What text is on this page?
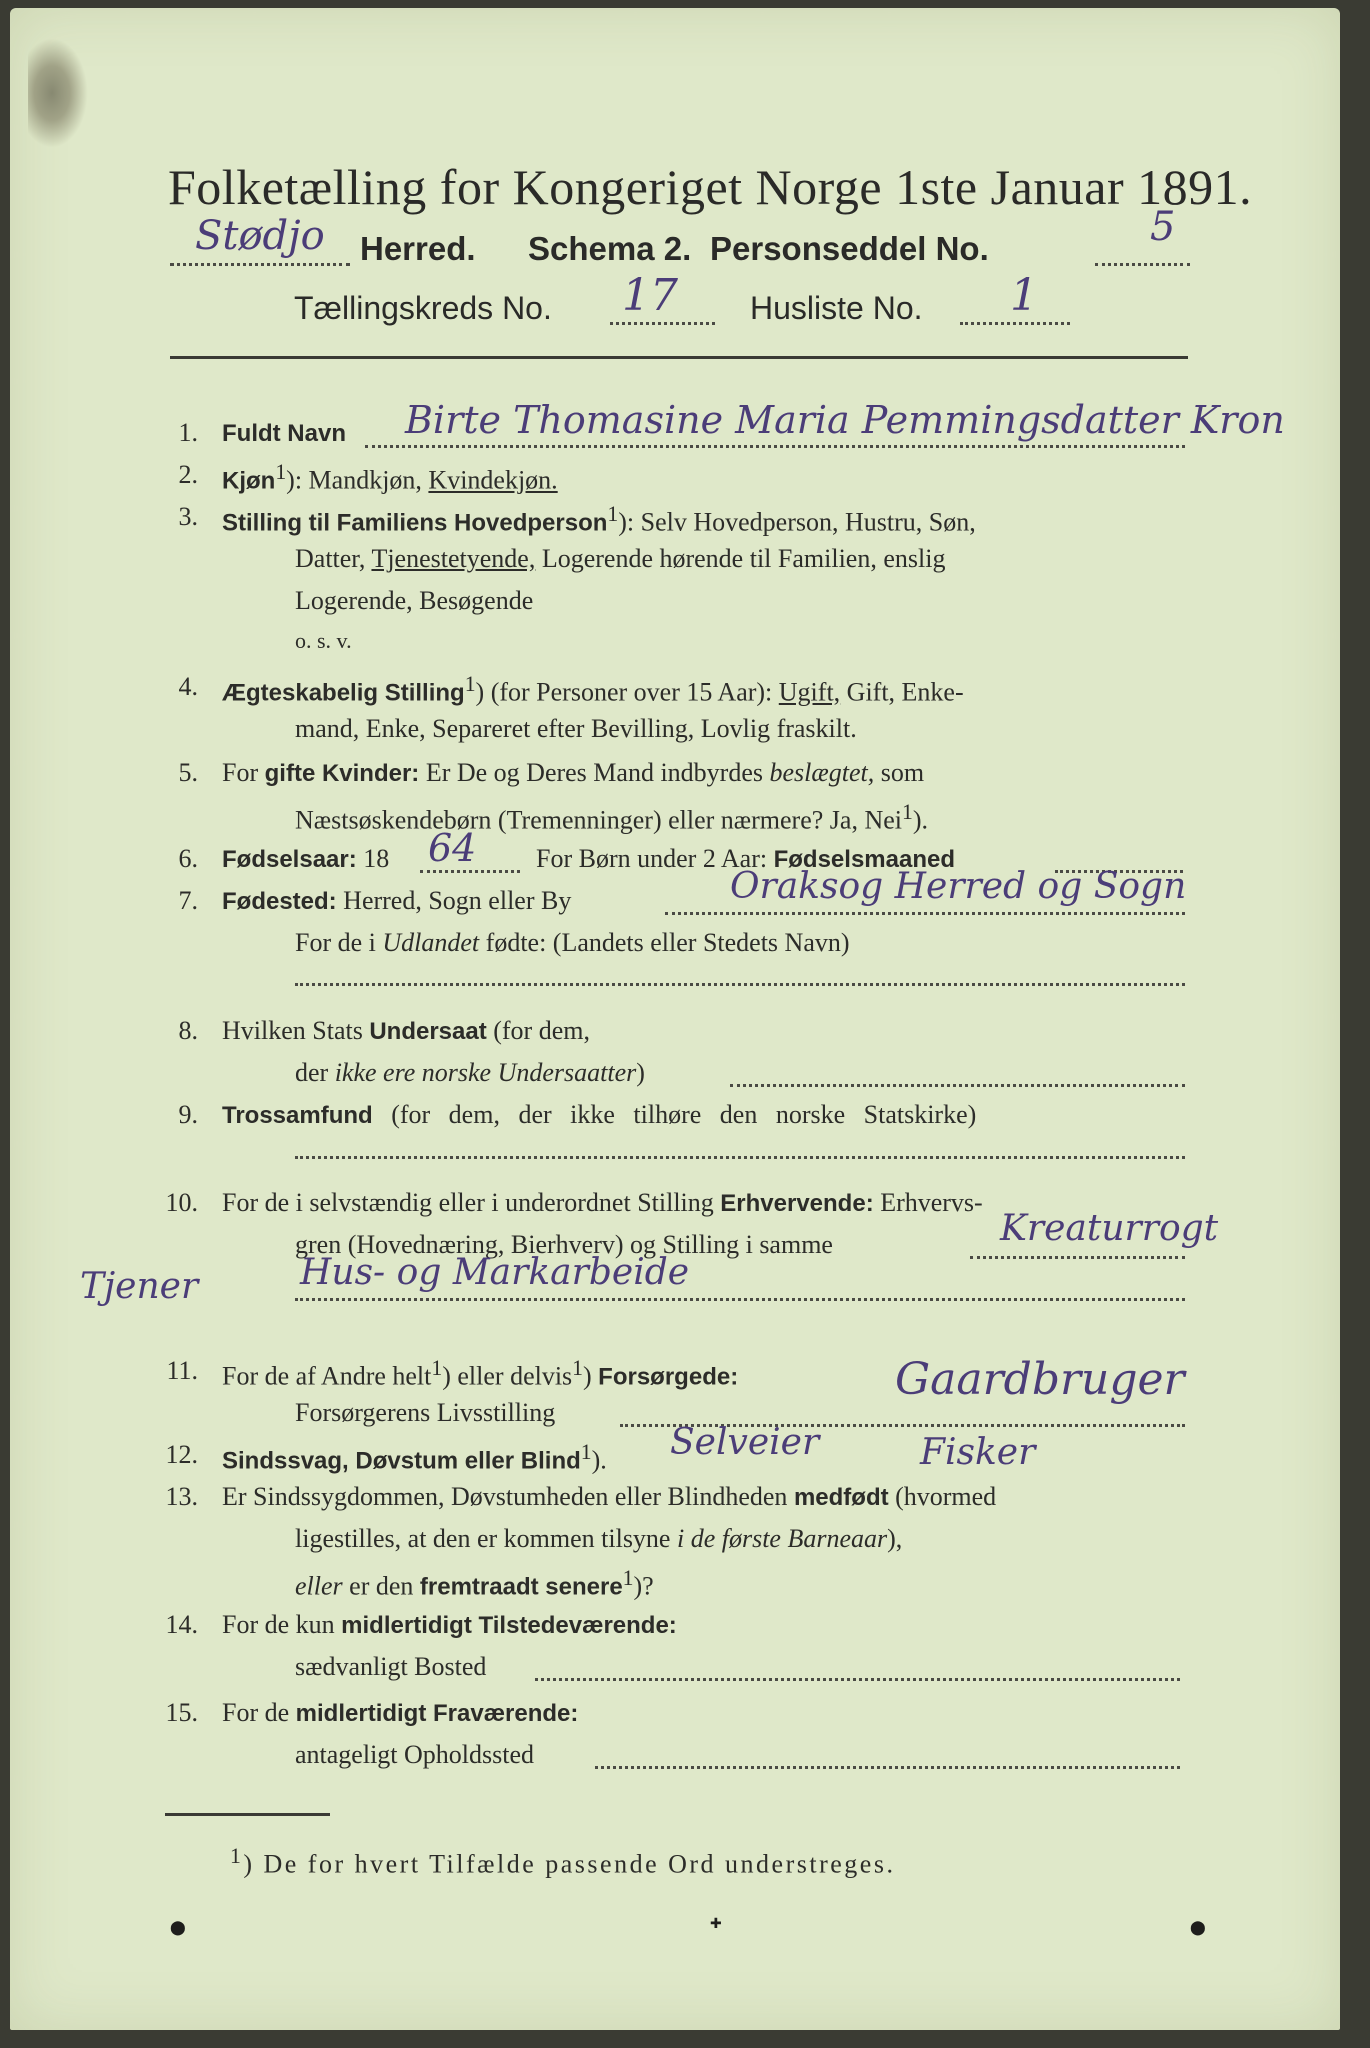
Folketælling for Kongeriget Norge 1ste Januar 1891.
Stødjo Herred. Schema 2. Personseddel No.	5
Tællingskreds No. 17 Husliste No. 1
1. Fuldt Navn Birte Thomasine Maria Pemmingsdatter Kron
2. Kjøn$^1$): Mandkjøn, Kvindekjøn.
3. Stilling til Familiens Hovedperson$^1$): Selv Hovedperson, Hustru, Søn,
Datter, Tjenestetyende, Logerende hørende til Familien, enslig
Logerende, Besøgende
o. s. v.
4. Ægteskabelig Stilling$^1$) (for Personer over 15 Aar): Ugift, Gift, Enke-
mand, Enke, Separeret efter Bevilling, Lovlig fraskilt.
5. For gifte Kvinder: Er De og Deres Mand indbyrdes beslægtet, som
Næstsøskendebørn (Tremenninger) eller nærmere? Ja, Nei$^1$).
6. Fødselsaar: 18 64 For Børn under 2 Aar: Fødselsmaaned
7. Fødested: Herred, Sogn eller By	Oraksog Herred og Sogn
For de i Udlandet fødte: (Landets eller Stedets Navn)
8. Hvilken Stats Undersaat (for dem,
der ikke ere norske Undersaatter)
9. Trossamfund (for dem, der ikke tilhøre den norske Statskirke)
10. For de i selvstændig eller i underordnet Stilling Erhvervende: Erhvervs-
gren (Hovednæring, Bierhverv) og Stilling i samme	Kreaturrogt
Hus- og Markarbeide
Tjener
11. For de af Andre helt$^1$) eller delvis$^1$) Forsørgede:
Forsørgerens Livsstilling
Gaardbruger
12. Sindssvag, Døvstum eller Blind$^1$). Selveier	Fisker
13. Er Sindssygdommen, Døvstumheden eller Blindheden medfødt (hvormed
ligestilles, at den er kommen tilsyne i de første Barneaar),
eller er den fremtraadt senere$^1$)?
14. For de kun midlertidigt Tilstedeværende:
sædvanligt Bosted
15. For de midlertidigt Fraværende:
antageligt Opholdssted
$^1$) De for hvert Tilfælde passende Ord understreges.
⬤	✚	⬤
